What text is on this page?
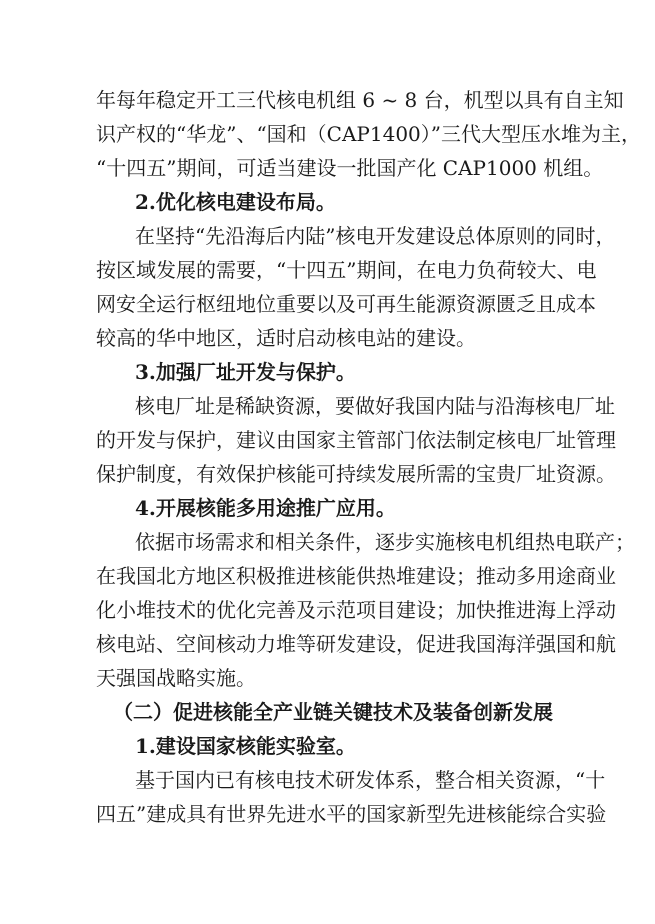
年每年稳定开工三代核电机组 6 ~ 8 台，机型以具有自主知
识产权的“华龙”、“国和（CAP1400）”三代大型压水堆为主，
“十四五”期间，可适当建设一批国产化 CAP1000 机组。
2.优化核电建设布局。
在坚持“先沿海后内陆”核电开发建设总体原则的同时，
按区域发展的需要，“十四五”期间，在电力负荷较大、电
网安全运行枢纽地位重要以及可再生能源资源匮乏且成本
较高的华中地区，适时启动核电站的建设。
3.加强厂址开发与保护。
核电厂址是稀缺资源，要做好我国内陆与沿海核电厂址
的开发与保护，建议由国家主管部门依法制定核电厂址管理
保护制度，有效保护核能可持续发展所需的宝贵厂址资源。
4.开展核能多用途推广应用。
依据市场需求和相关条件，逐步实施核电机组热电联产；
在我国北方地区积极推进核能供热堆建设；推动多用途商业
化小堆技术的优化完善及示范项目建设；加快推进海上浮动
核电站、空间核动力堆等研发建设，促进我国海洋强国和航
天强国战略实施。
（二）促进核能全产业链关键技术及装备创新发展
1.建设国家核能实验室。
基于国内已有核电技术研发体系，整合相关资源，“十
四五”建成具有世界先进水平的国家新型先进核能综合实验
